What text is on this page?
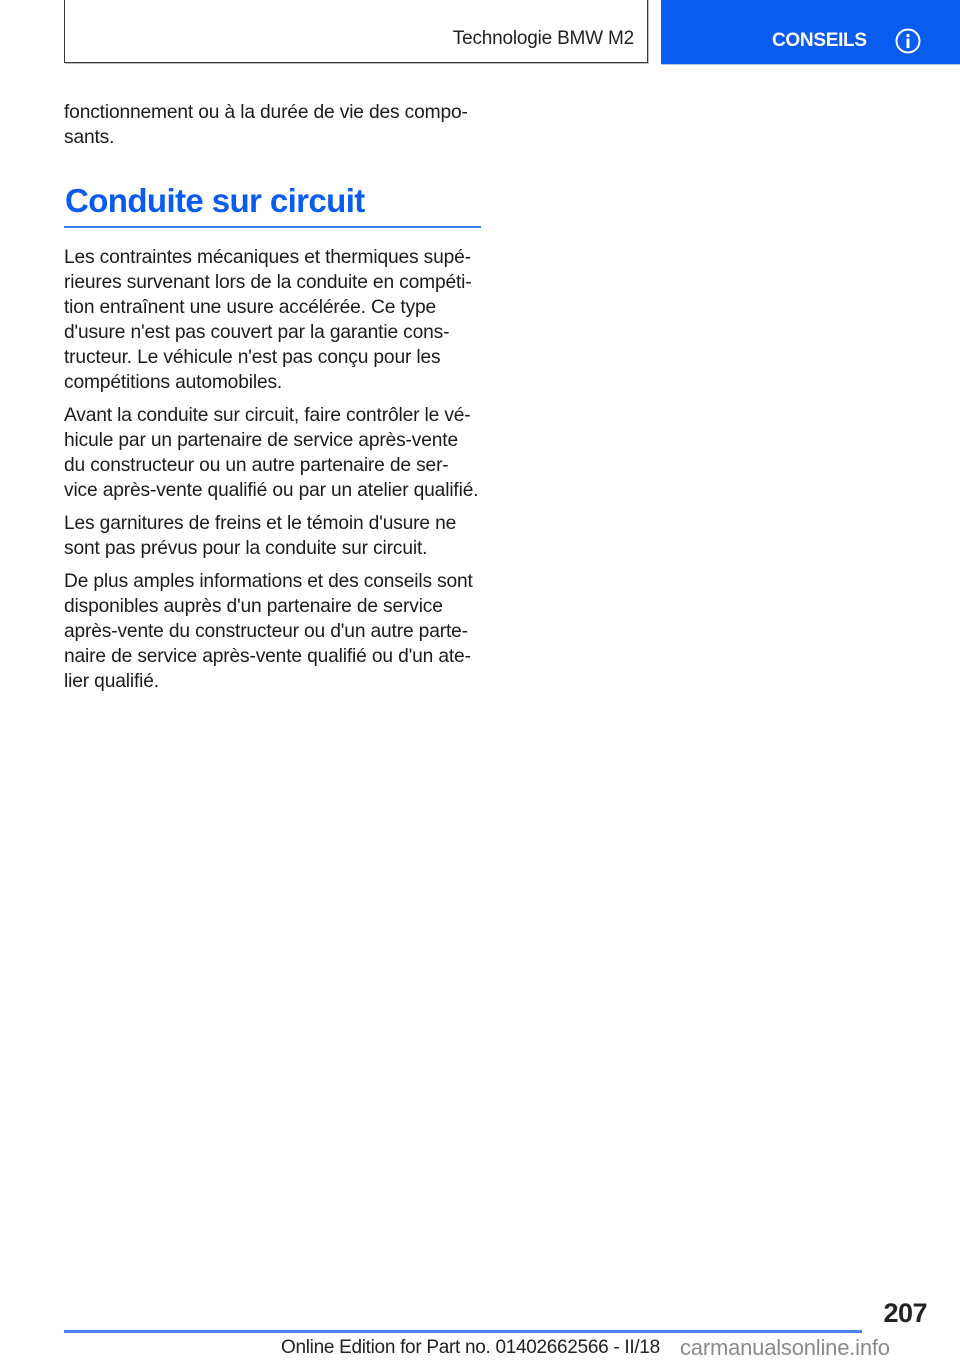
Technologie BMW M2	CONSEILS

fonctionnement ou à la durée de vie des compo-
sants.

Conduite sur circuit

Les contraintes mécaniques et thermiques supé-
rieures survenant lors de la conduite en compéti-
tion entraînent une usure accélérée. Ce type
d'usure n'est pas couvert par la garantie cons-
tructeur. Le véhicule n'est pas conçu pour les
compétitions automobiles.

Avant la conduite sur circuit, faire contrôler le vé-
hicule par un partenaire de service après-vente
du constructeur ou un autre partenaire de ser-
vice après-vente qualifié ou par un atelier qualifié.

Les garnitures de freins et le témoin d'usure ne
sont pas prévus pour la conduite sur circuit.

De plus amples informations et des conseils sont
disponibles auprès d'un partenaire de service
après-vente du constructeur ou d'un autre parte-
naire de service après-vente qualifié ou d'un ate-
lier qualifié.

207
Online Edition for Part no. 01402662566 - II/18 carmanualsonline.info
